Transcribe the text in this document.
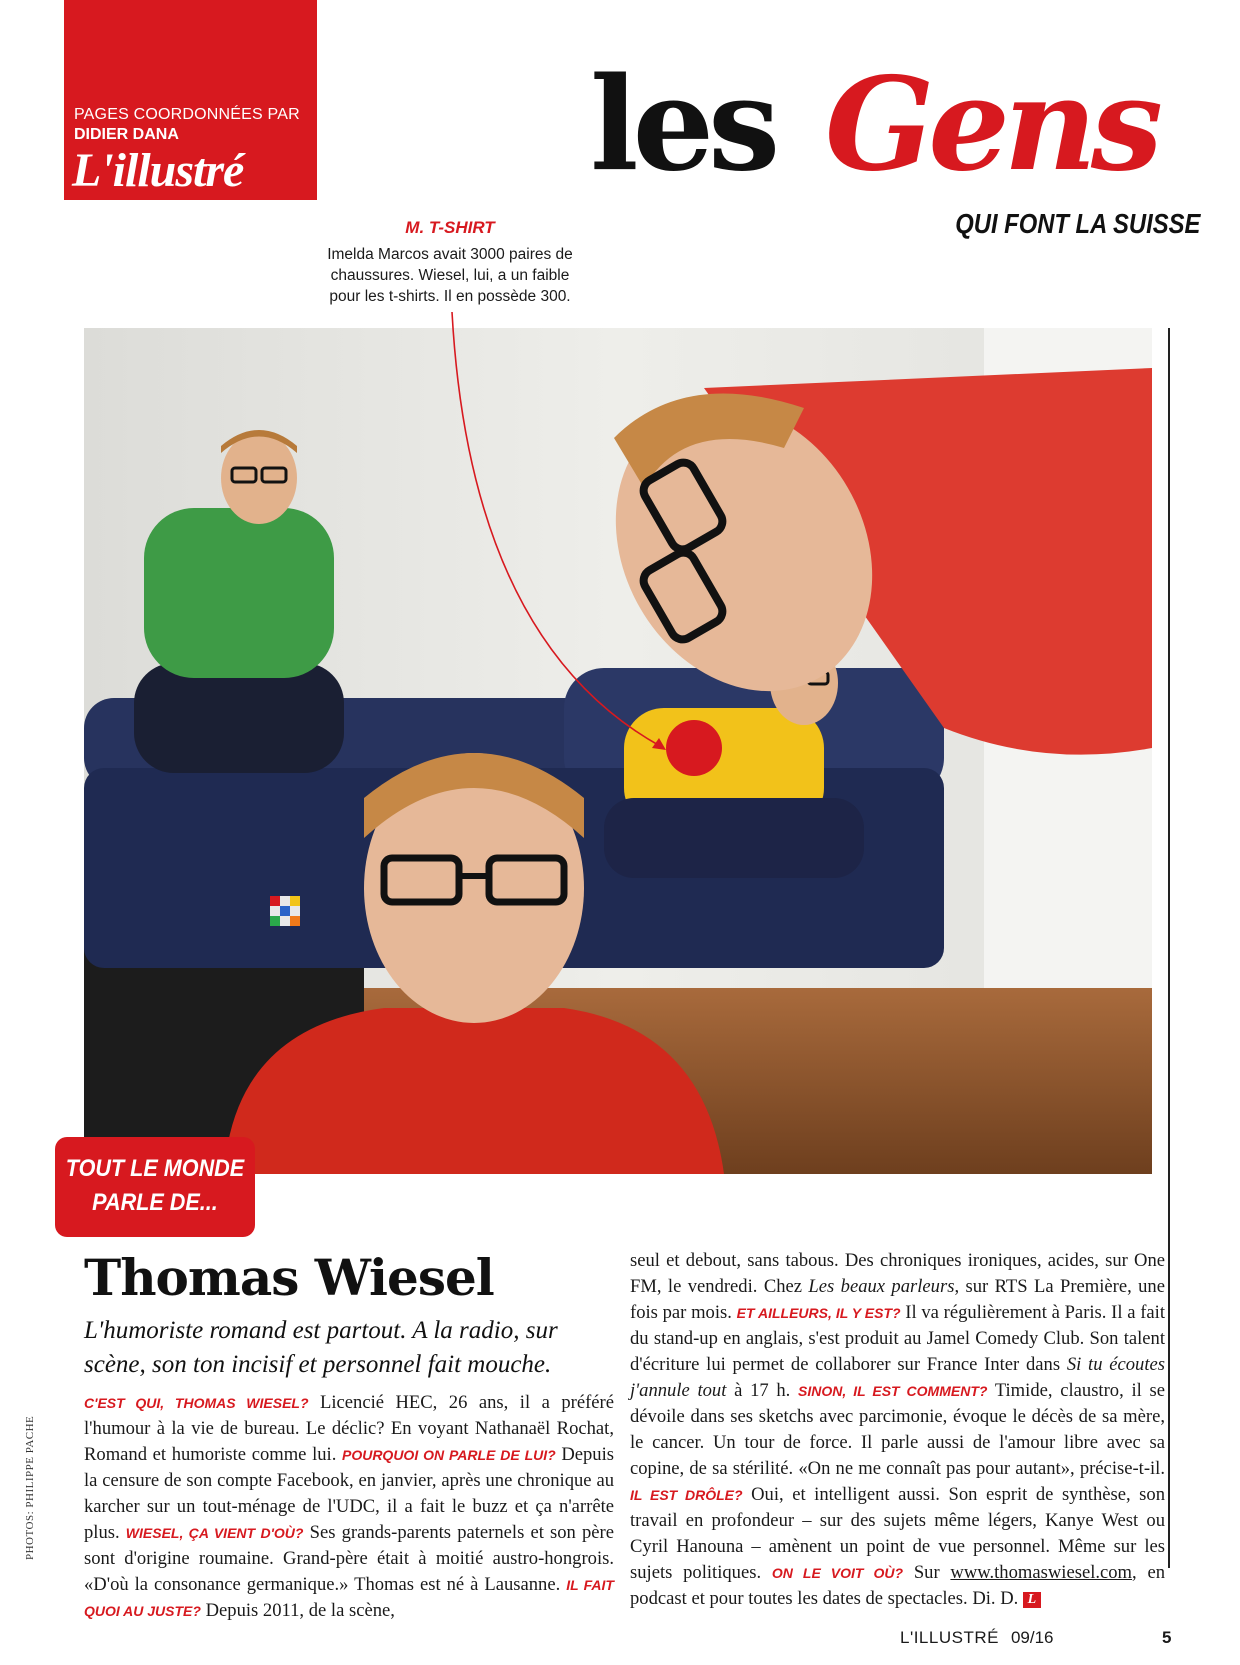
PAGES COORDONNÉES PAR
DIDIER DANA
L'illustré	les Gens
QUI FONT LA SUISSE
M. T-SHIRT
Imelda Marcos avait 3000 paires de
chaussures. Wiesel, lui, a un faible
pour les t-shirts. Il en possède 300.
TOUT LE MONDE
PARLE DE...
Thomas Wiesel
L'humoriste romand est partout. A la radio, sur scène, son ton incisif et personnel fait mouche.
C'EST QUI, THOMAS WIESEL? Licencié HEC, 26 ans, il a préféré l'humour à la vie de bureau. Le déclic? En voyant Nathanaël Rochat, Romand et humoriste comme lui. POURQUOI ON PARLE DE LUI? Depuis la censure de son compte Facebook, en janvier, après une chronique au karcher sur un tout-ménage de l'UDC, il a fait le buzz et ça n'arrête plus. WIESEL, ÇA VIENT D'OÙ? Ses grands-parents paternels et son père sont d'origine roumaine. Grand-père était à moitié austro-hongrois. «D'où la consonance germanique.» Thomas est né à Lausanne. IL FAIT QUOI AU JUSTE? Depuis 2011, de la scène,
seul et debout, sans tabous. Des chroniques ironiques, acides, sur One FM, le vendredi. Chez Les beaux parleurs, sur RTS La Première, une fois par mois. ET AILLEURS, IL Y EST? Il va régulièrement à Paris. Il a fait du stand-up en anglais, s'est produit au Jamel Comedy Club. Son talent d'écriture lui permet de collaborer sur France Inter dans Si tu écoutes j'annule tout à 17 h. SINON, IL EST COMMENT? Timide, claustro, il se dévoile dans ses sketchs avec parcimonie, évoque le décès de sa mère, le cancer. Un tour de force. Il parle aussi de l'amour libre avec sa copine, de sa stérilité. «On ne me connaît pas pour autant», précise-t-il. IL EST DRÔLE? Oui, et intelligent aussi. Son esprit de synthèse, son travail en profondeur – sur des sujets même légers, Kanye West ou Cyril Hanouna – amènent un point de vue personnel. Même sur les sujets politiques. ON LE VOIT OÙ? Sur www.thomaswiesel.com, en podcast et pour toutes les dates de spectacles. Di. D. L
PHOTOS: PHILIPPE PACHE
L'ILLUSTRÉ 09/16	5
